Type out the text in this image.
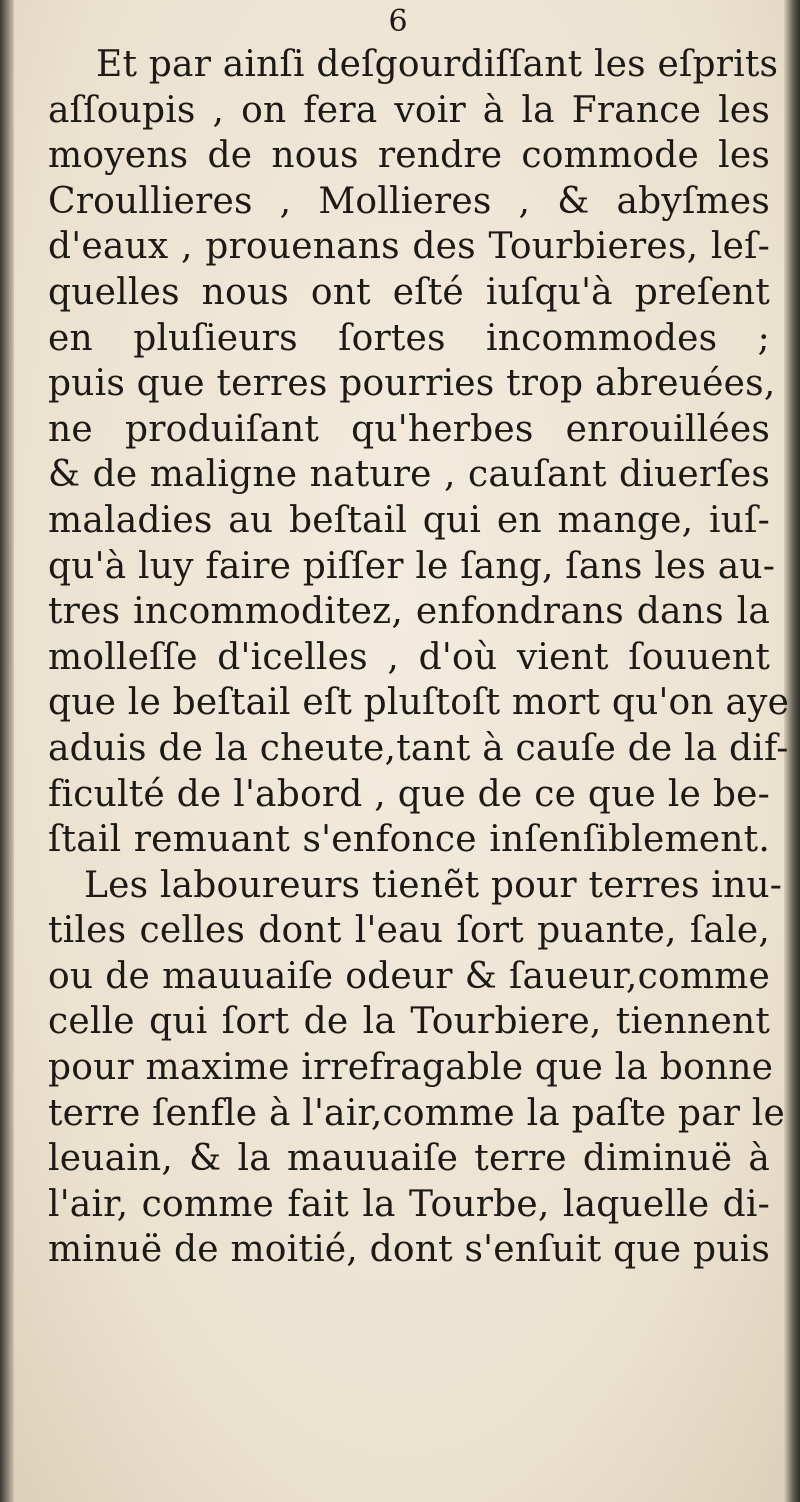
6
Et par ainſi deſgourdiſſant les eſprits
aſſoupis , on fera voir à la France les
moyens de nous rendre commode les
Croullieres , Mollieres , & abyſmes
d'eaux , prouenans des Tourbieres, leſ-
quelles nous ont eſté iuſqu'à preſent
en pluſieurs ſortes incommodes ;
puis que terres pourries trop abreuées,
ne produiſant qu'herbes enrouillées
& de maligne nature , cauſant diuerſes
maladies au beſtail qui en mange, iuſ-
qu'à luy faire piſſer le ſang, ſans les au-
tres incommoditez, enfondrans dans la
molleſſe d'icelles , d'où vient ſouuent
que le beſtail eſt pluſtoſt mort qu'on aye
aduis de la cheute,tant à cauſe de la dif-
ficulté de l'abord , que de ce que le be-
ſtail remuant s'enfonce inſenſiblement.
Les laboureurs tienẽt pour terres inu-
tiles celles dont l'eau ſort puante, ſale,
ou de mauuaiſe odeur & ſaueur,comme
celle qui ſort de la Tourbiere, tiennent
pour maxime irrefragable que la bonne
terre ſenfle à l'air,comme la paſte par le
leuain, & la mauuaiſe terre diminuë à
l'air, comme fait la Tourbe, laquelle di-
minuë de moitié, dont s'enſuit que puis
